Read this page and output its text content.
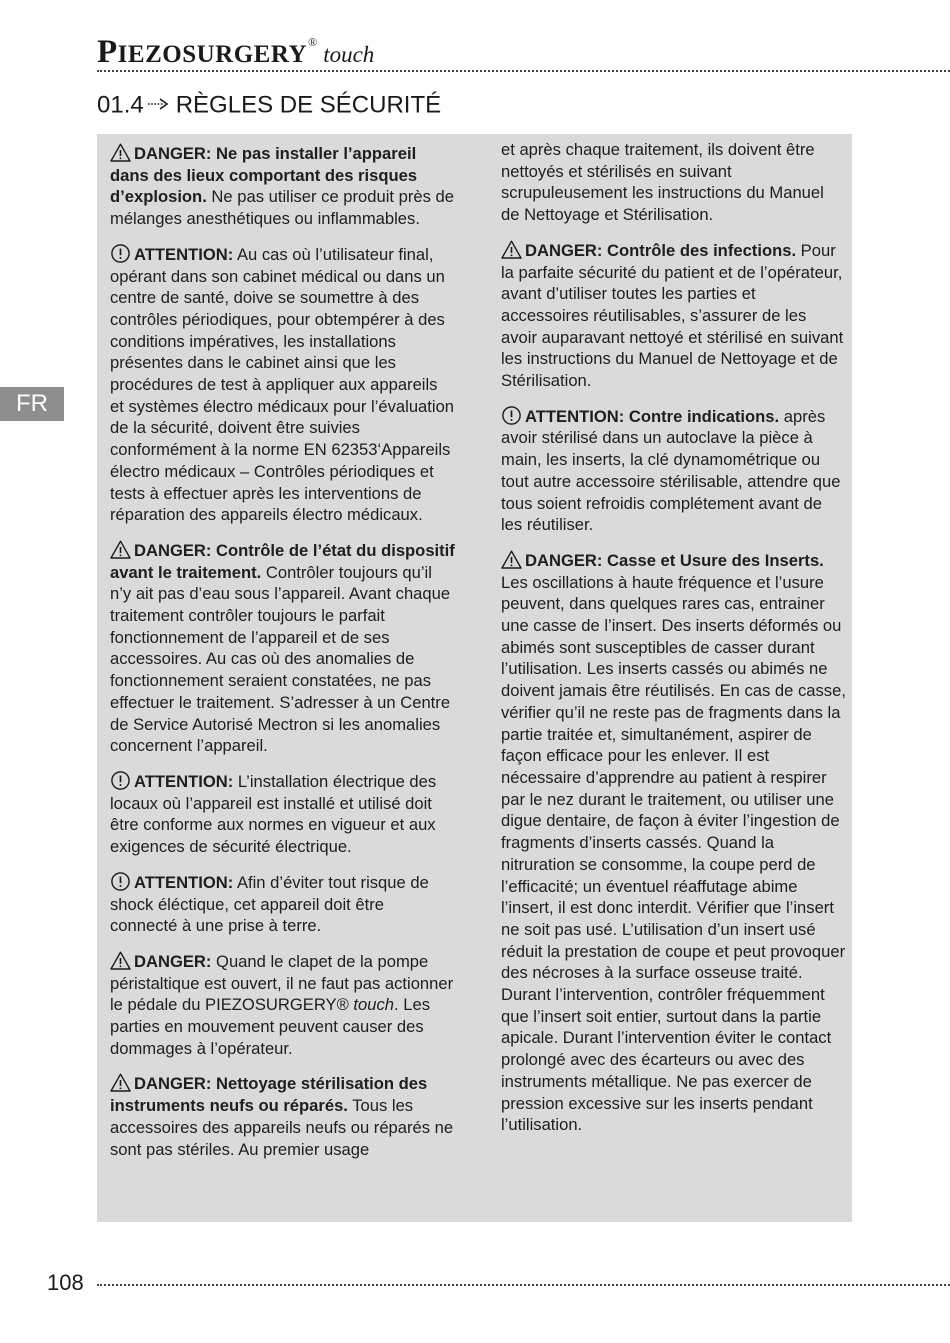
PIEZOSURGERY® touch
01.4 RÈGLES DE SÉCURITÉ
FR

DANGER: Ne pas installer l’appareil dans des lieux comportant des risques d’explosion. Ne pas utiliser ce produit près de mélanges anesthétiques ou inflammables.

ATTENTION: Au cas où l’utilisateur final, opérant dans son cabinet médical ou dans un centre de santé, doive se soumettre à des contrôles périodiques, pour obtempérer à des conditions impératives, les installations présentes dans le cabinet ainsi que les procédures de test à appliquer aux appareils et systèmes électro médicaux pour l’évaluation de la sécurité, doivent être suivies conformément à la norme EN 62353‘Appareils électro médicaux – Contrôles périodiques et tests à effectuer après les interventions de réparation des appareils électro médicaux.

DANGER: Contrôle de l’état du dispositif avant le traitement. Contrôler toujours qu’il n’y ait pas d’eau sous l’appareil. Avant chaque traitement contrôler toujours le parfait fonctionnement de l’appareil et de ses accessoires. Au cas où des anomalies de fonctionnement seraient constatées, ne pas effectuer le traitement. S’adresser à un Centre de Service Autorisé Mectron si les anomalies concernent l’appareil.

ATTENTION: L’installation électrique des locaux où l’appareil est installé et utilisé doit être conforme aux normes en vigueur et aux exigences de sécurité électrique.

ATTENTION: Afin d’éviter tout risque de shock éléctique, cet appareil doit être connecté à une prise à terre.

DANGER: Quand le clapet de la pompe péristaltique est ouvert, il ne faut pas actionner le pédale du PIEZOSURGERY® touch. Les parties en mouvement peuvent causer des dommages à l’opérateur.

DANGER: Nettoyage stérilisation des instruments neufs ou réparés. Tous les accessoires des appareils neufs ou réparés ne sont pas stériles. Au premier usage

et après chaque traitement, ils doivent être nettoyés et stérilisés en suivant scrupuleusement les instructions du Manuel de Nettoyage et Stérilisation.

DANGER: Contrôle des infections. Pour la parfaite sécurité du patient et de l’opérateur, avant d’utiliser toutes les parties et accessoires réutilisables, s’assurer de les avoir auparavant nettoyé et stérilisé en suivant les instructions du Manuel de Nettoyage et de Stérilisation.

ATTENTION: Contre indications. après avoir stérilisé dans un autoclave la pièce à main, les inserts, la clé dynamométrique ou tout autre accessoire stérilisable, attendre que tous soient refroidis complétement avant de les réutiliser.

DANGER: Casse et Usure des Inserts. Les oscillations à haute fréquence et l’usure peuvent, dans quelques rares cas, entrainer une casse de l’insert. Des inserts déformés ou abimés sont susceptibles de casser durant l’utilisation. Les inserts cassés ou abimés ne doivent jamais être réutilisés. En cas de casse, vérifier qu’il ne reste pas de fragments dans la partie traitée et, simultanément, aspirer de façon efficace pour les enlever. Il est nécessaire d’apprendre au patient à respirer par le nez durant le traitement, ou utiliser une digue dentaire, de façon à éviter l’ingestion de fragments d’inserts cassés. Quand la nitruration se consomme, la coupe perd de l’efficacité; un éventuel réaffutage abime l’insert, il est donc interdit. Vérifier que l’insert ne soit pas usé. L’utilisation d’un insert usé réduit la prestation de coupe et peut provoquer des nécroses à la surface osseuse traité. Durant l’intervention, contrôler fréquemment que l’insert soit entier, surtout dans la partie apicale. Durant l’intervention éviter le contact prolongé avec des écarteurs ou avec des instruments métallique. Ne pas exercer de pression excessive sur les inserts pendant l’utilisation.

108
